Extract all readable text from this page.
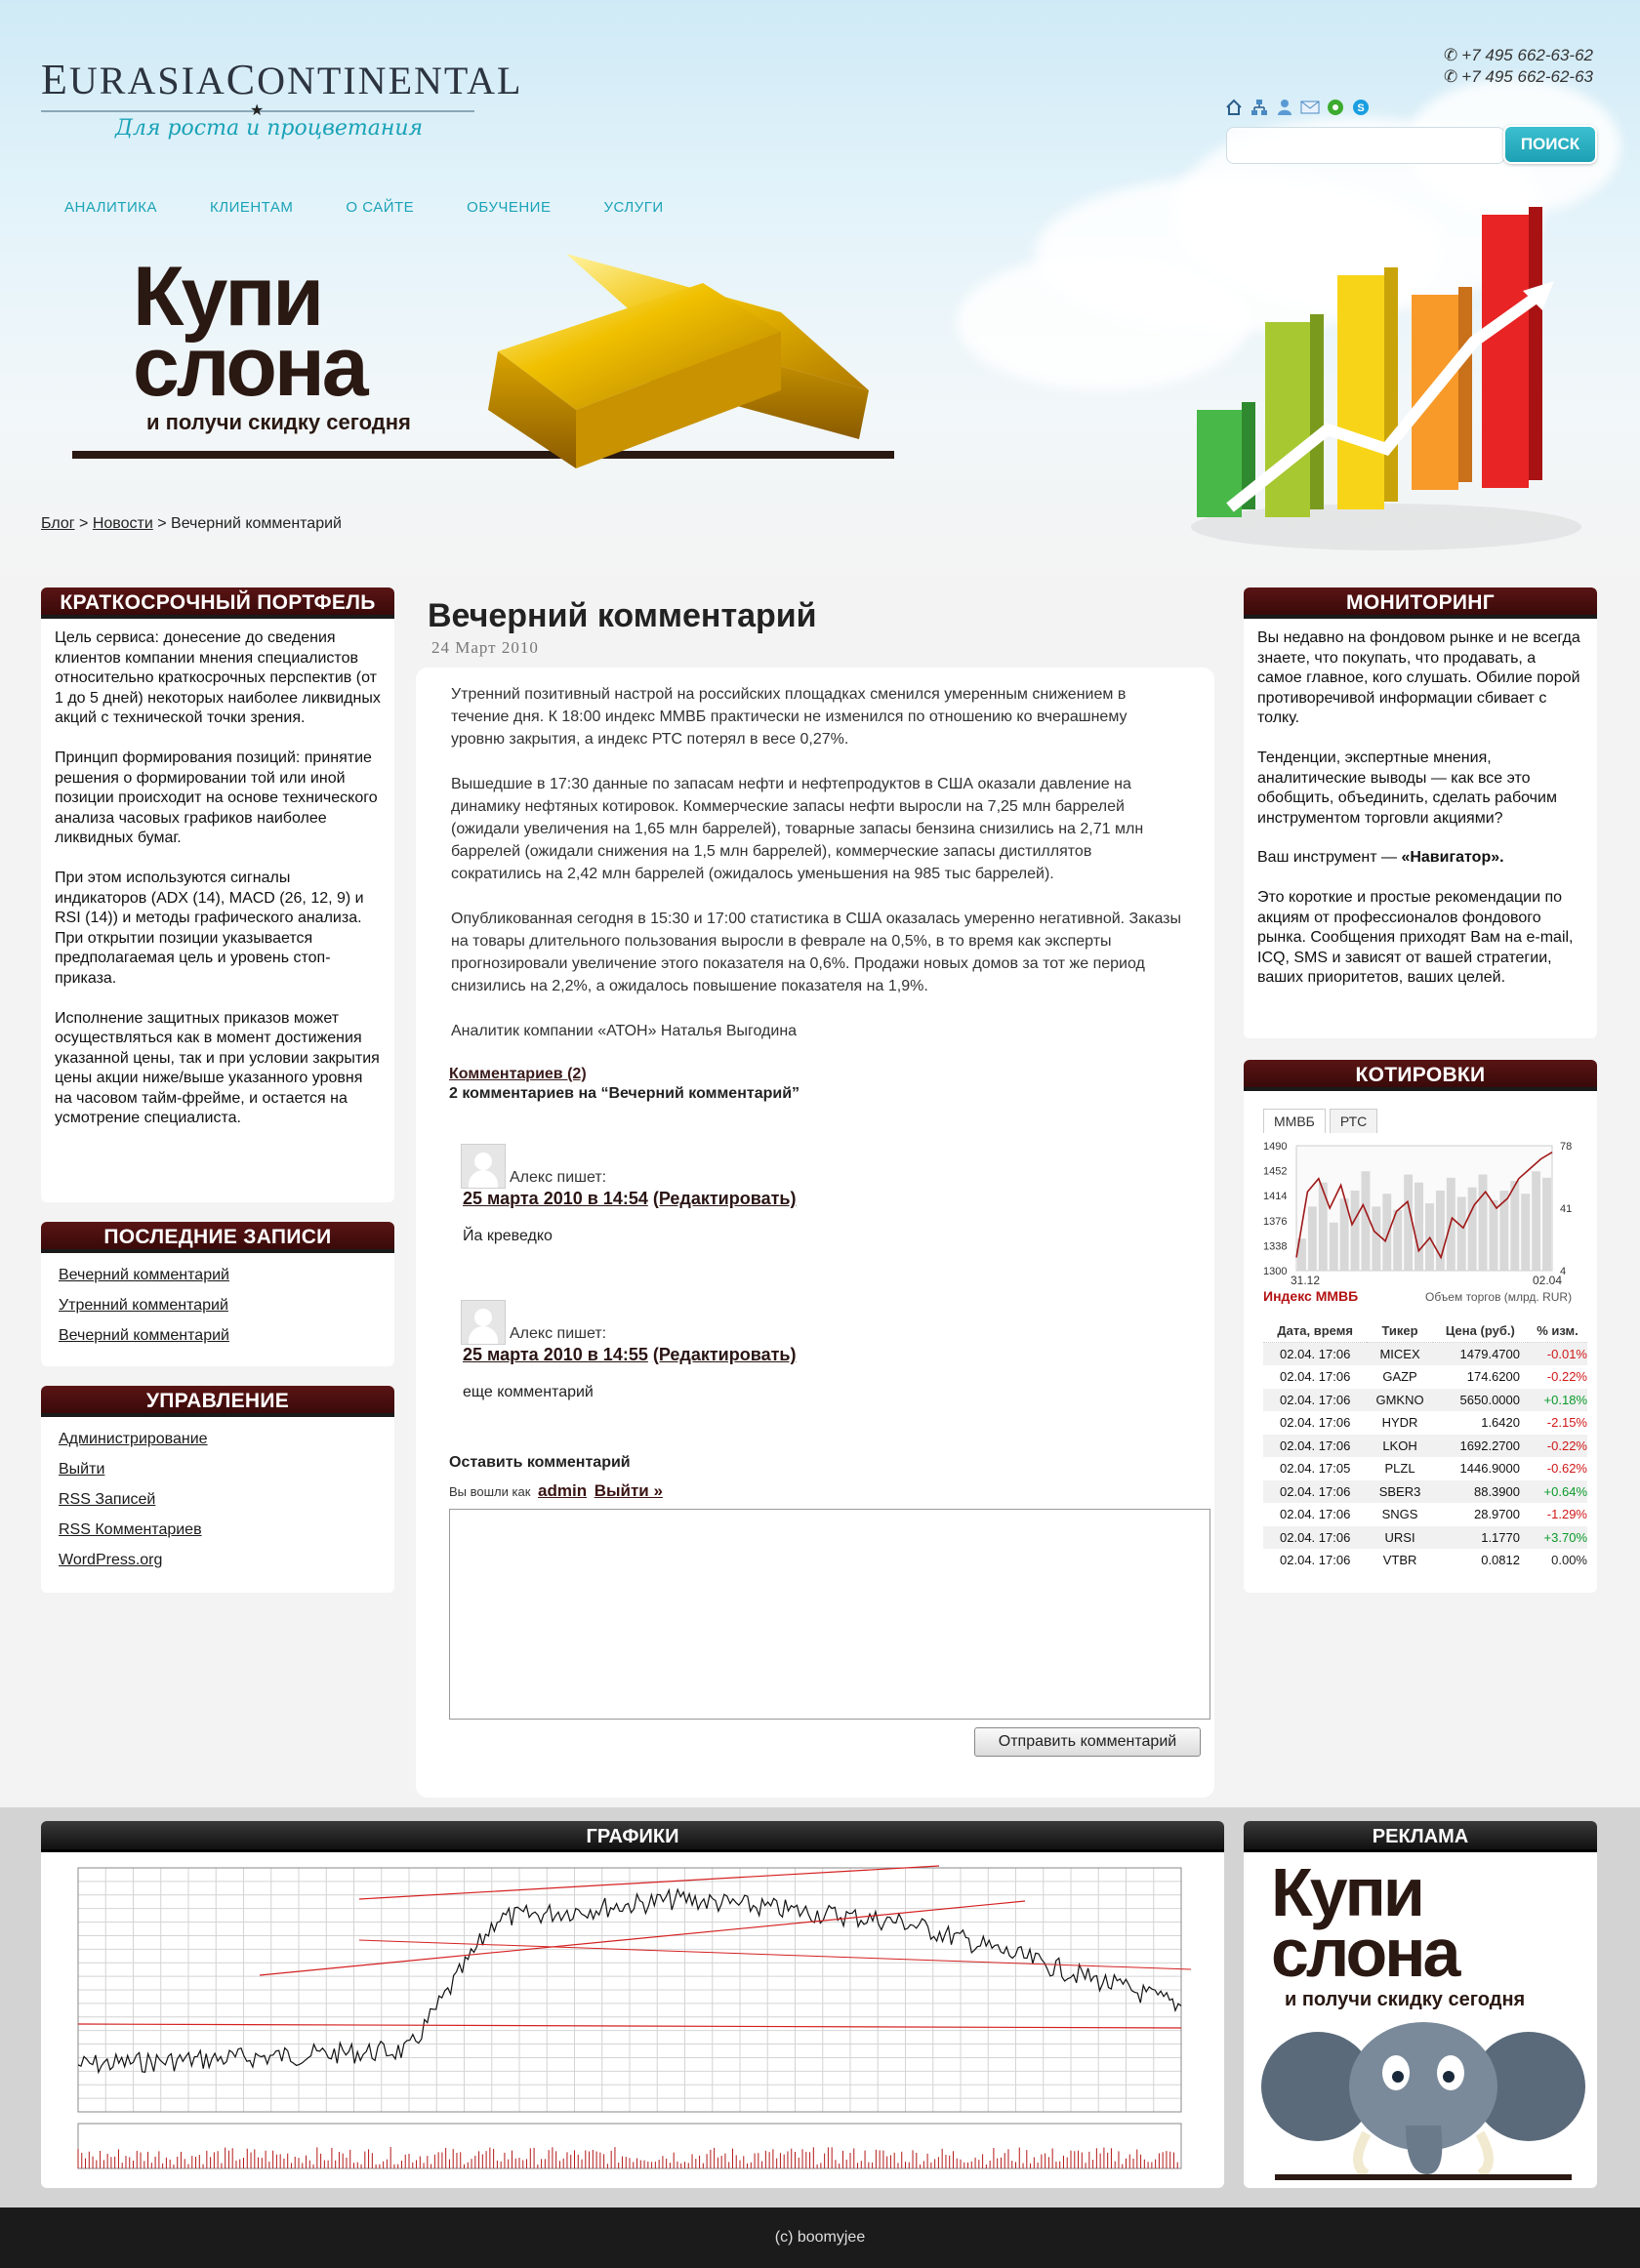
EURASIACONTINENTAL
★
Для роста и процветания
✆ +7 495 662-63-62
✆ +7 495 662-62-63
S
ПОИСК
АНАЛИТИКА	КЛИЕНТАМ	О САЙТЕ	ОБУЧЕНИЕ	УСЛУГИ
Купи
слона
и получи скидку сегодня
Блог > Новости > Вечерний комментарий
КРАТКОСРОЧНЫЙ ПОРТФЕЛЬ

Цель сервиса: донесение до сведения клиентов компании мнения специалистов относительно краткосрочных перспектив (от 1 до 5 дней) некоторых наиболее ликвидных акций с технической точки зрения.

Принцип формирования позиций: принятие решения о формировании той или иной позиции происходит на основе технического анализа часовых графиков наиболее ликвидных бумаг.

При этом используются сигналы индикаторов (ADX (14), MACD (26, 12, 9) и RSI (14)) и методы графического анализа. При открытии позиции указывается предполагаемая цель и уровень стоп-приказа.

Исполнение защитных приказов может осуществляться как в момент достижения указанной цены, так и при условии закрытия цены акции ниже/выше указанного уровня на часовом тайм-фрейме, и остается на усмотрение специалиста.

ПОСЛЕДНИЕ ЗАПИСИ
Вечерний комментарий
Утренний комментарий
Вечерний комментарий
УПРАВЛЕНИЕ
Администрирование
Выйти
RSS Записей
RSS Комментариев
WordPress.org
Вечерний комментарий
24 Март 2010

Утренний позитивный настрой на российских площадках сменился умеренным снижением в течение дня. К 18:00 индекс ММВБ практически не изменился по отношению ко вчерашнему уровню закрытия, а индекс РТС потерял в весе 0,27%.

Вышедшие в 17:30 данные по запасам нефти и нефтепродуктов в США оказали давление на динамику нефтяных котировок. Коммерческие запасы нефти выросли на 7,25 млн баррелей (ожидали увеличения на 1,65 млн баррелей), товарные запасы бензина снизились на 2,71 млн баррелей (ожидали снижения на 1,5 млн баррелей), коммерческие запасы дистиллятов сократились на 2,42 млн баррелей (ожидалось уменьшения на 985 тыс баррелей).

Опубликованная сегодня в 15:30 и 17:00 статистика в США оказалась умеренно негативной. Заказы на товары длительного пользования выросли в феврале на 0,5%, в то время как эксперты прогнозировали увеличение этого показателя на 0,6%. Продажи новых домов за тот же период снизились на 2,2%, а ожидалось повышение показателя на 1,9%.

Аналитик компании «АТОН» Наталья Выгодина

Комментариев (2)
2 комментариев на “Вечерний комментарий”
Алекс пишет:
25 марта 2010 в 14:54 (Редактировать)
Йа креведко
Алекс пишет:
25 марта 2010 в 14:55 (Редактировать)
еще комментарий
Оставить комментарий
Вы вошли как admin Выйти »
Отправить комментарий
МОНИТОРИНГ

Вы недавно на фондовом рынке и не всегда знаете, что покупать, что продавать, а самое главное, кого слушать. Обилие порой противоречивой информации сбивает с толку.

Тенденции, экспертные мнения, аналитические выводы — как все это обобщить, объединить, сделать рабочим инструментом торговли акциями?

Ваш инструмент — «Навигатор».

Это короткие и простые рекомендации по акциям от профессионалов фондового рынка. Сообщения приходят Вам на e-mail, ICQ, SMS и зависят от вашей стратегии, ваших приоритетов, ваших целей.

КОТИРОВКИ
ММВБ	РТС
1490
1452
1414
1376
1338
1300
78
41
4
31.12	02.04
Индекс ММВБ	Объем торгов (млрд. RUR)
Дата, время	Тикер	Цена (руб.)	% изм.
02.04. 17:06	MICEX	1479.4700	-0.01%
02.04. 17:06	GAZP	174.6200	-0.22%
02.04. 17:06	GMKNO	5650.0000	+0.18%
02.04. 17:06	HYDR	1.6420	-2.15%
02.04. 17:06	LKOH	1692.2700	-0.22%
02.04. 17:05	PLZL	1446.9000	-0.62%
02.04. 17:06	SBER3	88.3900	+0.64%
02.04. 17:06	SNGS	28.9700	-1.29%
02.04. 17:06	URSI	1.1770	+3.70%
02.04. 17:06	VTBR	0.0812	0.00%
ГРАФИКИ	РЕКЛАМА
Купи
слона
и получи скидку сегодня
(c) boomyjee
